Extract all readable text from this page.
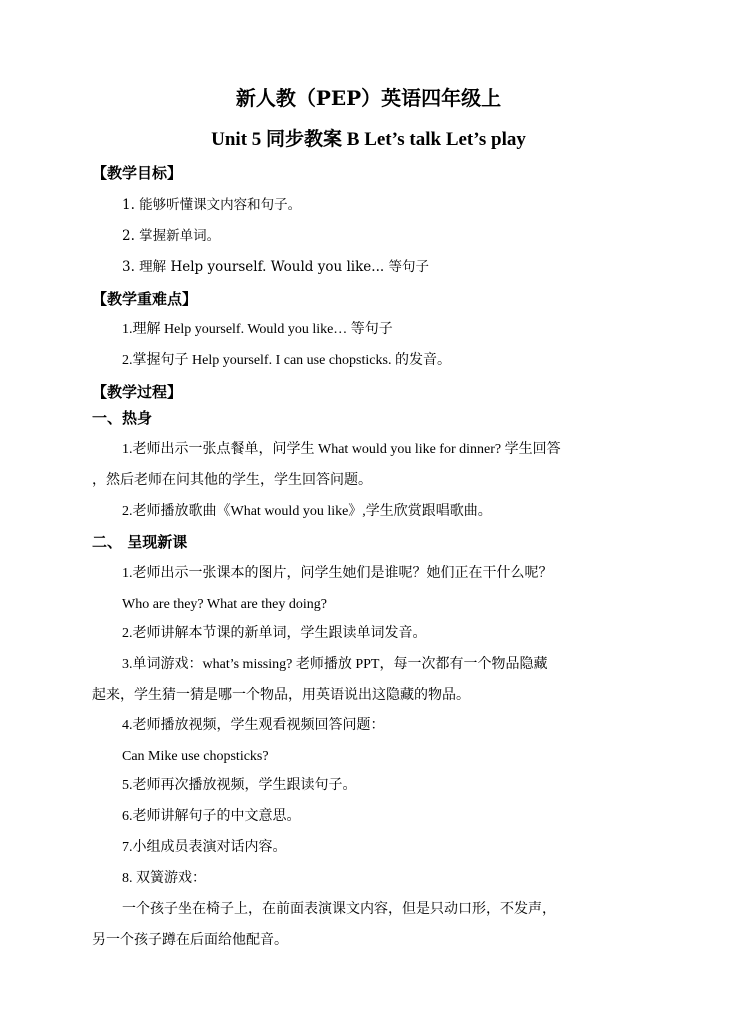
新人教（PEP）英语四年级上
Unit 5 同步教案 B Let’s talk Let’s play
【教学目标】
1. 能够听懂课文内容和句子。
2. 掌握新单词。
3. 理解 Help yourself. Would you like... 等句子
【教学重难点】
1.理解 Help yourself. Would you like… 等句子
2.掌握句子 Help yourself. I can use chopsticks. 的发音。
【教学过程】
一、热身
1.老师出示一张点餐单，问学生 What would you like for dinner? 学生回答
，然后老师在问其他的学生，学生回答问题。
2.老师播放歌曲《What would you like》,学生欣赏跟唱歌曲。
二、 呈现新课
1.老师出示一张课本的图片，问学生她们是谁呢？她们正在干什么呢？
Who are they? What are they doing?
2.老师讲解本节课的新单词，学生跟读单词发音。
3.单词游戏：what’s missing? 老师播放 PPT，每一次都有一个物品隐藏
起来，学生猜一猜是哪一个物品，用英语说出这隐藏的物品。
4.老师播放视频，学生观看视频回答问题：
Can Mike use chopsticks?
5.老师再次播放视频，学生跟读句子。
6.老师讲解句子的中文意思。
7.小组成员表演对话内容。
8. 双簧游戏：
一个孩子坐在椅子上，在前面表演课文内容，但是只动口形，不发声，
另一个孩子蹲在后面给他配音。
